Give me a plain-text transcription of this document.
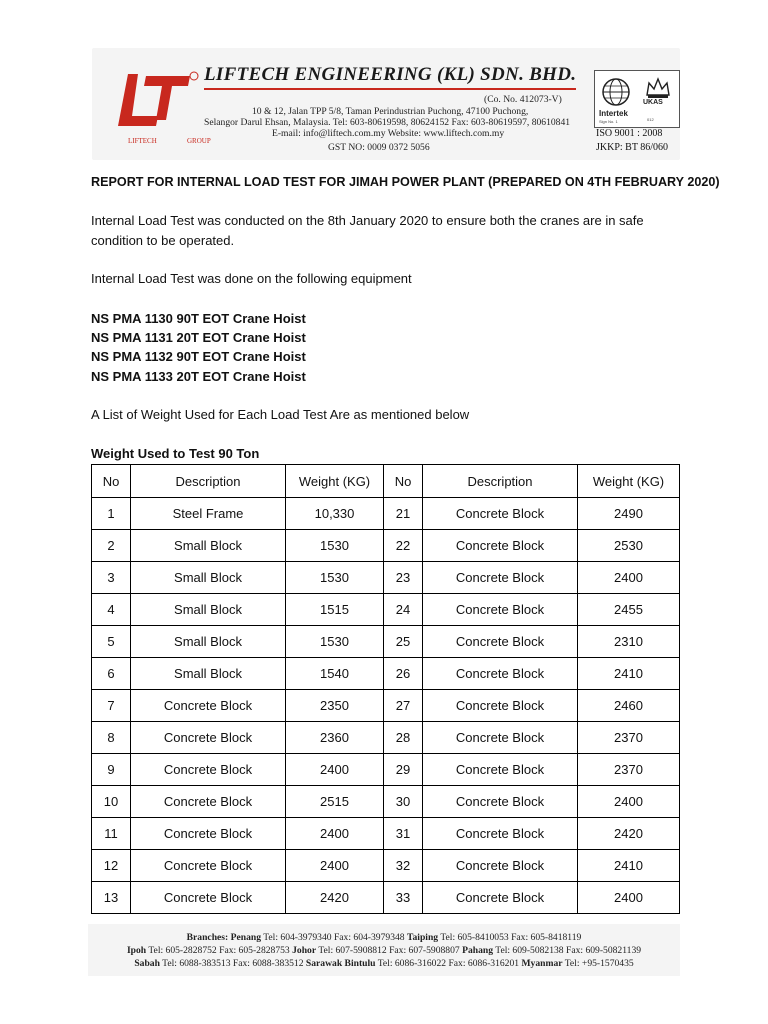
LIFTECH	GROUP
LIFTECH ENGINEERING (KL) SDN. BHD.
(Co. No. 412073-V)
10 & 12, Jalan TPP 5/8, Taman Perindustrian Puchong, 47100 Puchong,
Selangor Darul Ehsan, Malaysia. Tel: 603-80619598, 80624152 Fax: 603-80619597, 80610841
E-mail: info@liftech.com.my Website: www.liftech.com.my
GST NO: 0009 0372 5056
Intertek
Sign No. 1
UKAS
012
ISO 9001 : 2008
JKKP: BT 86/060
REPORT FOR INTERNAL LOAD TEST FOR JIMAH POWER PLANT (PREPARED ON 4TH FEBRUARY 2020)
Internal Load Test was conducted on the 8th January 2020 to ensure both the cranes are in safe
condition to be operated.
Internal Load Test was done on the following equipment
NS PMA 1130 90T EOT Crane Hoist
NS PMA 1131 20T EOT Crane Hoist
NS PMA 1132 90T EOT Crane Hoist
NS PMA 1133 20T EOT Crane Hoist
A List of Weight Used for Each Load Test Are as mentioned below
Weight Used to Test 90 Ton
No	Description	Weight (KG)	No	Description	Weight (KG)
1	Steel Frame	10,330	21	Concrete Block	2490
2	Small Block	1530	22	Concrete Block	2530
3	Small Block	1530	23	Concrete Block	2400
4	Small Block	1515	24	Concrete Block	2455
5	Small Block	1530	25	Concrete Block	2310
6	Small Block	1540	26	Concrete Block	2410
7	Concrete Block	2350	27	Concrete Block	2460
8	Concrete Block	2360	28	Concrete Block	2370
9	Concrete Block	2400	29	Concrete Block	2370
10	Concrete Block	2515	30	Concrete Block	2400
11	Concrete Block	2400	31	Concrete Block	2420
12	Concrete Block	2400	32	Concrete Block	2410
13	Concrete Block	2420	33	Concrete Block	2400
Branches: Penang Tel: 604-3979340 Fax: 604-3979348 Taiping Tel: 605-8410053 Fax: 605-8418119
Ipoh Tel: 605-2828752 Fax: 605-2828753 Johor Tel: 607-5908812 Fax: 607-5908807 Pahang Tel: 609-5082138 Fax: 609-50821139
Sabah Tel: 6088-383513 Fax: 6088-383512 Sarawak Bintulu Tel: 6086-316022 Fax: 6086-316201 Myanmar Tel: +95-1570435
